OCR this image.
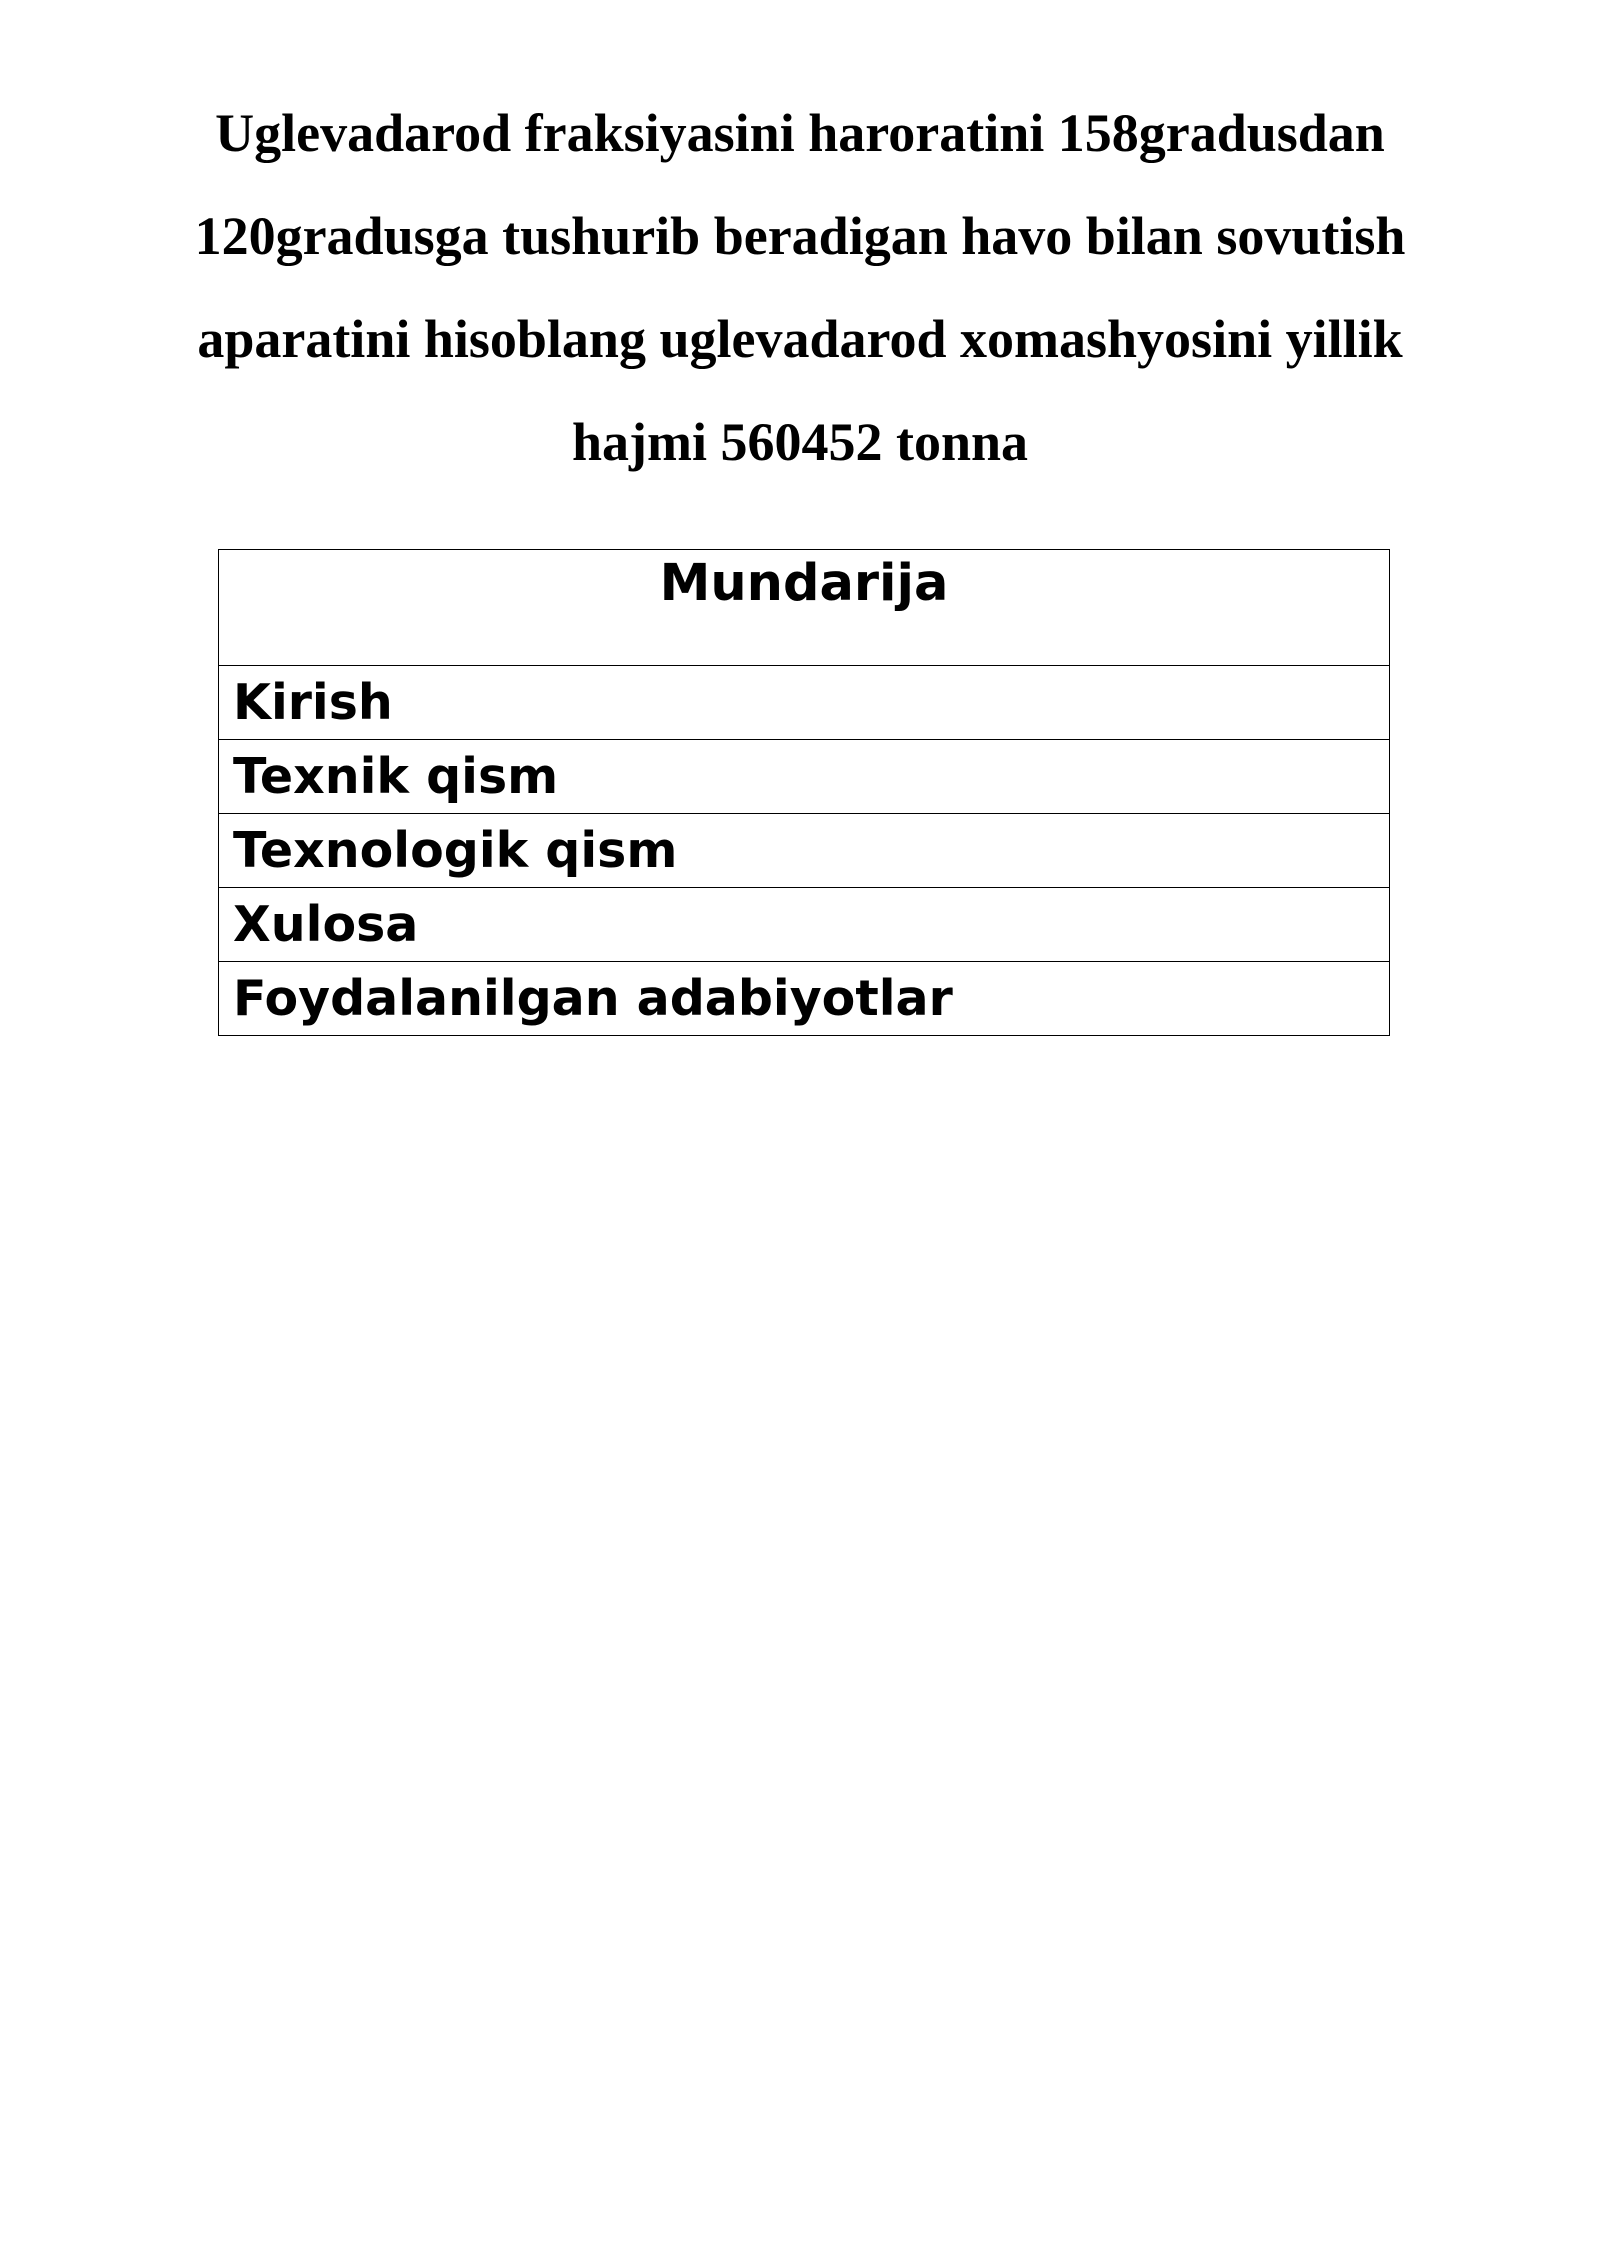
Uglevadarod fraksiyasini haroratini 158gradusdan
120gradusga tushurib beradigan havo bilan sovutish
aparatini hisoblang uglevadarod xomashyosini yillik
hajmi 560452 tonna
Mundarija
Kirish
Texnik qism
Texnologik qism
Xulosa
Foydalanilgan adabiyotlar
